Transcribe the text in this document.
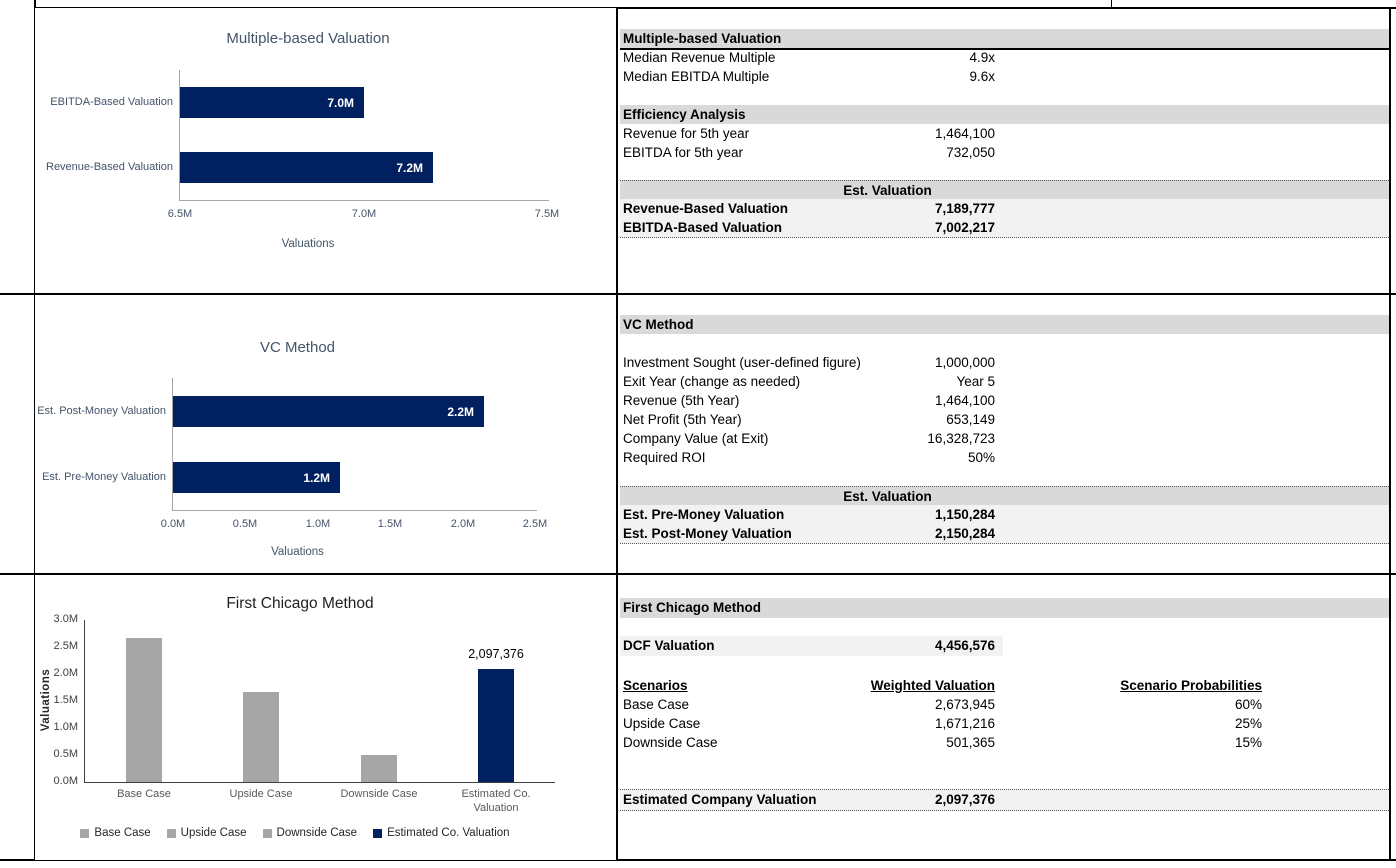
Multiple-based Valuation
Valuations
7.0M
EBITDA-Based Valuation
7.2M
Revenue-Based Valuation
6.5M	7.0M	7.5M
VC Method
Valuations
2.2M
Est. Post-Money Valuation
1.2M
Est. Pre-Money Valuation
0.0M	0.5M	1.0M	1.5M	2.0M	2.5M
First Chicago Method
Valuations
0.0M
0.5M
1.0M
1.5M
2.0M
2.5M
3.0M
Base Case	Upside Case	Downside Case
2,097,376
Estimated Co. Valuation
Base Case	Upside Case	Downside Case	Estimated Co. Valuation
Multiple-based Valuation
Median Revenue Multiple	4.9x
Median EBITDA Multiple	9.6x
Efficiency Analysis
Revenue for 5th year	1,464,100
EBITDA for 5th year	732,050
Est. Valuation
Revenue-Based Valuation	7,189,777
EBITDA-Based Valuation	7,002,217
VC Method
Investment Sought (user-defined figure)	1,000,000
Exit Year (change as needed)	Year 5
Revenue (5th Year)	1,464,100
Net Profit (5th Year)	653,149
Company Value (at Exit)	16,328,723
Required ROI	50%
Est. Valuation
Est. Pre-Money Valuation	1,150,284
Est. Post-Money Valuation	2,150,284
First Chicago Method
DCF Valuation	4,456,576
Scenarios	Weighted Valuation	Scenario Probabilities
Base Case	2,673,945	60%
Upside Case	1,671,216	25%
Downside Case	501,365	15%
Estimated Company Valuation	2,097,376
